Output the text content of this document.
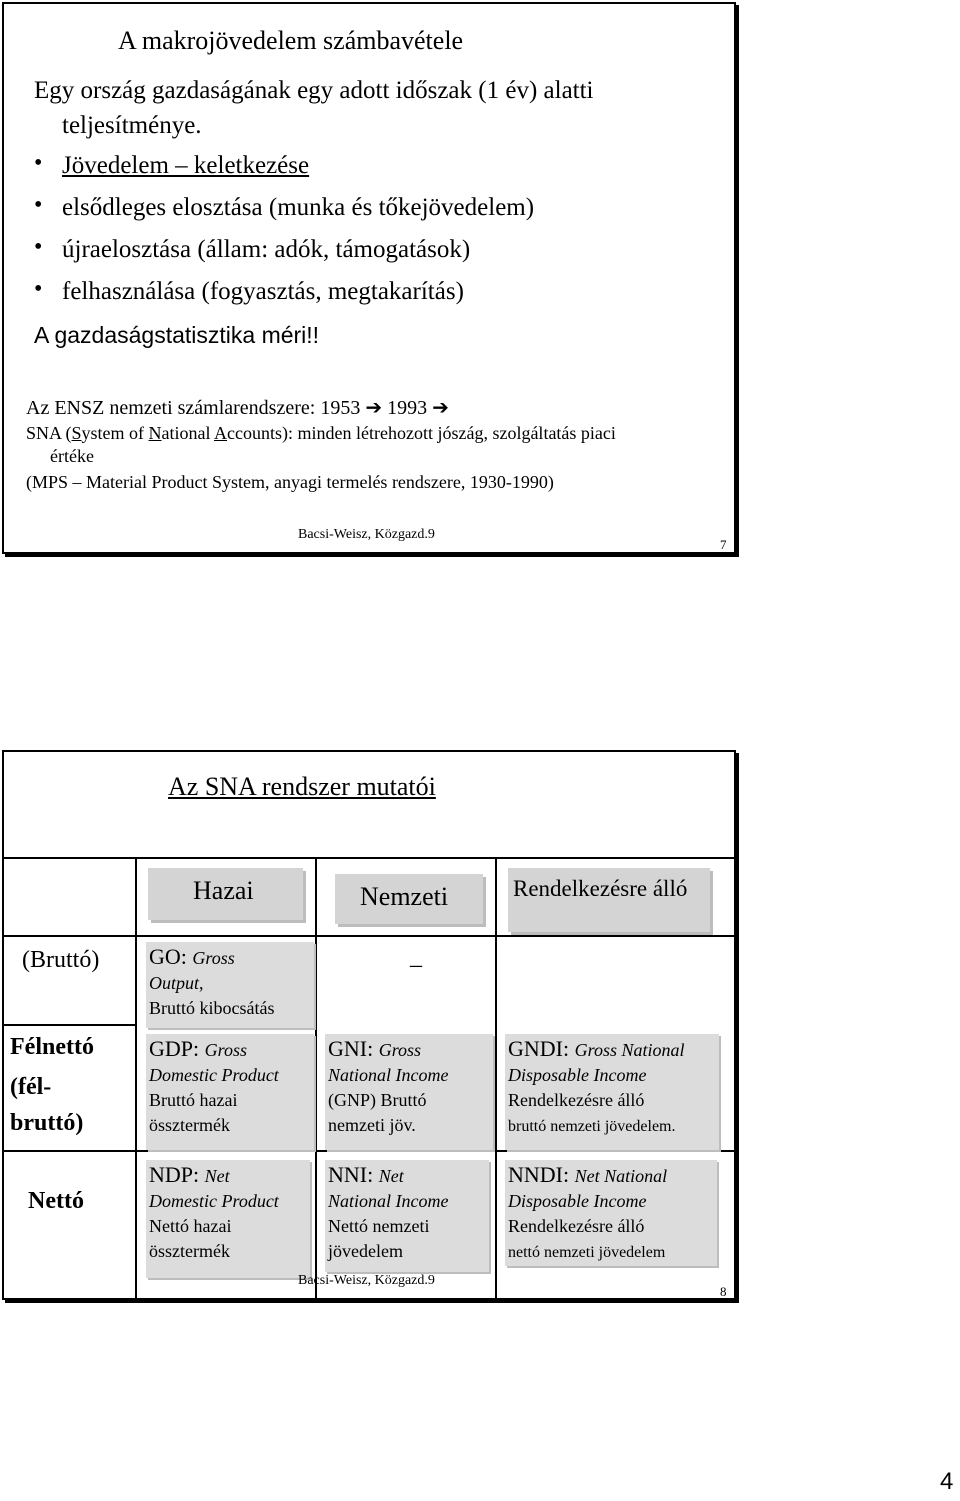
A makrojövedelem számbavétele
Egy ország gazdaságának egy adott időszak (1 év) alatti
teljesítménye.
• Jövedelem – keletkezése
• elsődleges elosztása (munka és tőkejövedelem)
• újraelosztása (állam: adók, támogatások)
• felhasználása (fogyasztás, megtakarítás)
A gazdaságstatisztika méri!!
Az ENSZ nemzeti számlarendszere: 1953 ➔ 1993 ➔
SNA (System of National Accounts): minden létrehozott jószág, szolgáltatás piaci
értéke
(MPS – Material Product System, anyagi termelés rendszere, 1930-1990)
Bacsi-Weisz, Közgazd.9
7
Az SNA rendszer mutatói
Hazai	Nemzeti	Rendelkezésre álló
(Bruttó)
Félnettó
(fél-
bruttó)
Nettó
GO: Gross
Output,
Bruttó kibocsátás
–
GDP: Gross
Domestic Product
Bruttó hazai
össztermék
GNI: Gross
National Income
(GNP) Bruttó
nemzeti jöv.
GNDI: Gross National
Disposable Income
Rendelkezésre álló
bruttó nemzeti jövedelem.
NDP: Net
Domestic Product
Nettó hazai
össztermék
NNI: Net
National Income
Nettó nemzeti
jövedelem
NNDI: Net National
Disposable Income
Rendelkezésre álló
nettó nemzeti jövedelem
Bacsi-Weisz, Közgazd.9
8
4
